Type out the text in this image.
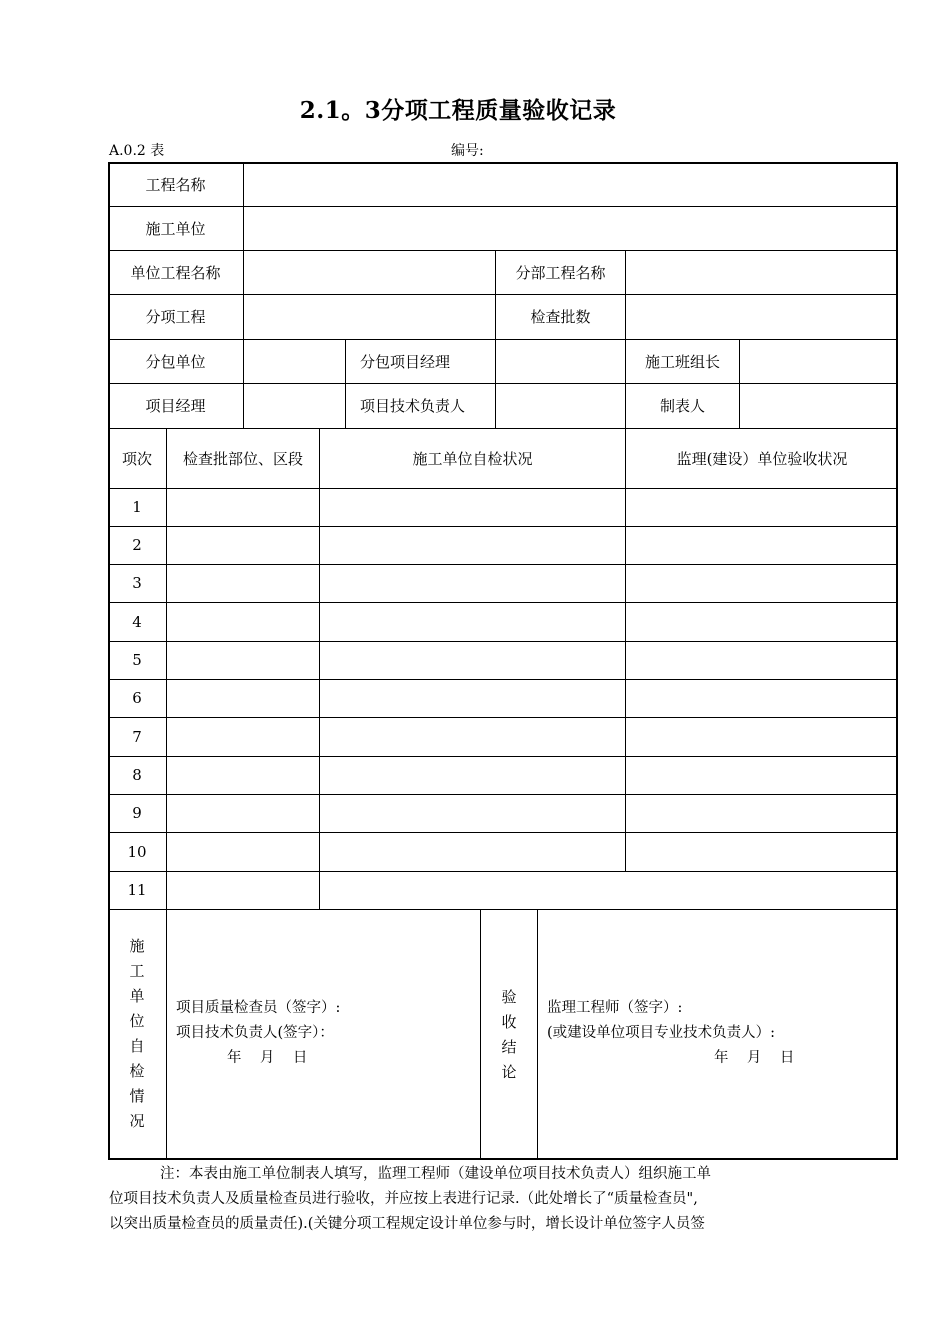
2.1。3分项工程质量验收记录
A.0.2 表	编号:
工程名称
施工单位
单位工程名称	分部工程名称
分项工程	检查批数
分包单位	分包项目经理	施工班组长
项目经理	项目技术负责人	制表人
项次	检查批部位、区段	施工单位自检状况	监理(建设）单位验收状况
1
2
3
4
5
6
7
8
9
10
11
施工单位自检情况
项目质量检查员（签字）:
项目技术负责人(签字）：
年    月    日
验收结论
监理工程师（签字）:
(或建设单位项目专业技术负责人）:
年    月    日

注：本表由施工单位制表人填写，监理工程师（建设单位项目技术负责人）组织施工单

位项目技术负责人及质量检查员进行验收，并应按上表进行记录.（此处增长了“质量检查员",

以突出质量检查员的质量责任).(关键分项工程规定设计单位参与时，增长设计单位签字人员签
